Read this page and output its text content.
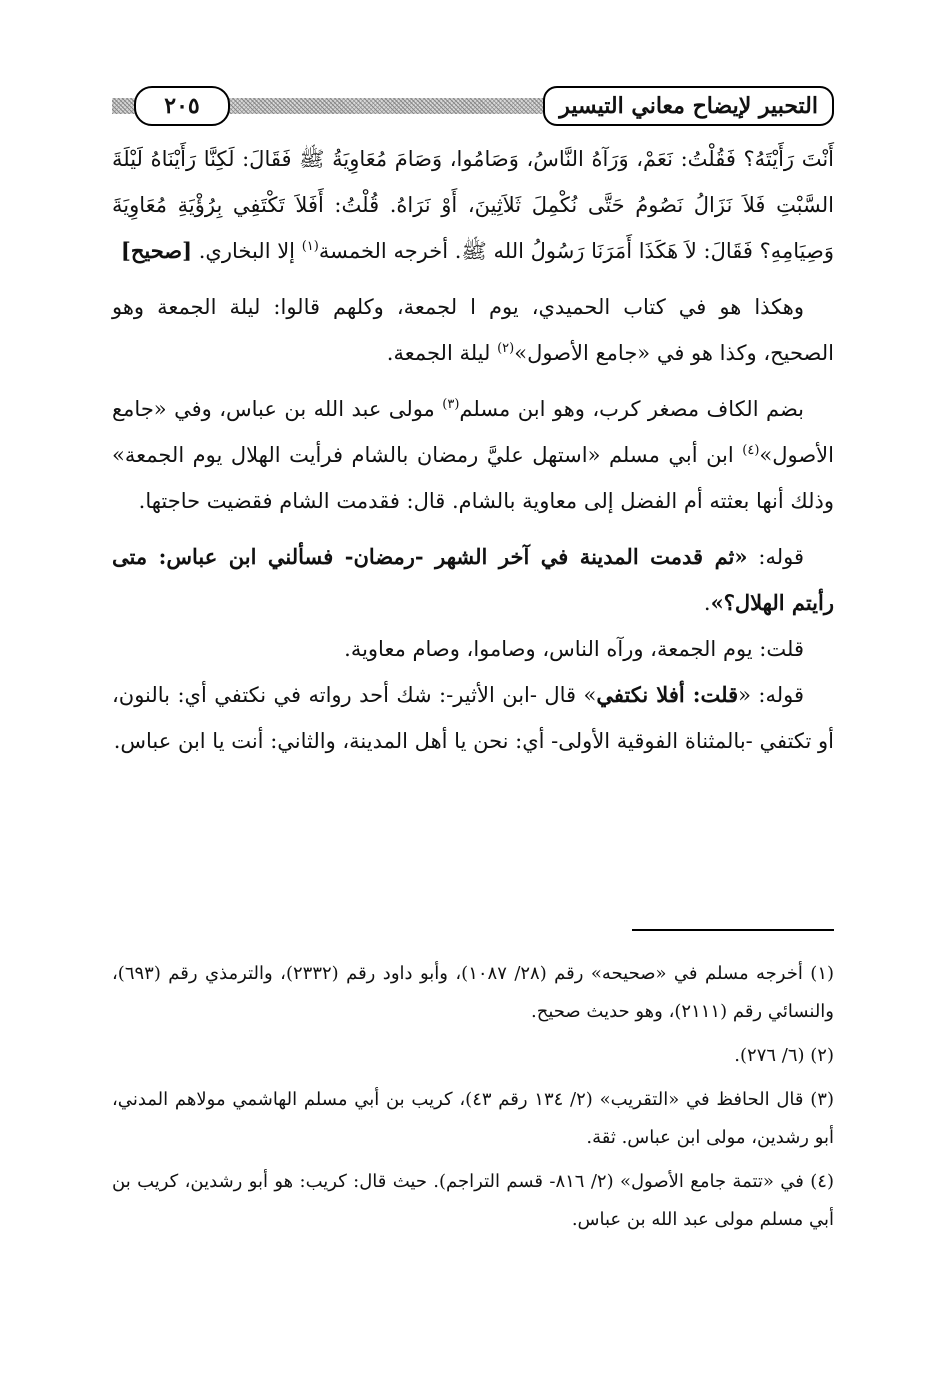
التحبير لإيضاح معاني التيسير
٢٠٥

أَنْتَ رَأَيْتَهُ؟ فَقُلْتُ: نَعَمْ، وَرَآهُ النَّاسُ، وَصَامُوا، وَصَامَ مُعَاوِيَةُ ﷺ فَقَالَ: لَكِنَّا رَأَيْنَاهُ لَيْلَةَ السَّبْتِ فَلاَ نَزَالُ نَصُومُ حَتَّى نُكْمِلَ ثَلاَثِينَ، أَوْ نَرَاهُ. قُلْتُ: أَفَلاَ تَكْتَفِي بِرُؤْيَةِ مُعَاوِيَةَ وَصِيَامِهِ؟ فَقَالَ: لاَ هَكَذَا أَمَرَنَا رَسُولُ الله ﷺ. أخرجه الخمسة$^{(١)}$ إلا البخاري. [صحيح]

وهكذا هو في كتاب الحميدي، يوم ا لجمعة، وكلهم قالوا: ليلة الجمعة وهو الصحيح، وكذا هو في «جامع الأصول»$^{(٢)}$ ليلة الجمعة.

بضم الكاف مصغر كرب، وهو ابن مسلم$^{(٣)}$ مولى عبد الله بن عباس، وفي «جامع الأصول»$^{(٤)}$ ابن أبي مسلم «استهل عليَّ رمضان بالشام فرأيت الهلال يوم الجمعة» وذلك أنها بعثته أم الفضل إلى معاوية بالشام. قال: فقدمت الشام فقضيت حاجتها.

قوله: «ثم قدمت المدينة في آخر الشهر -رمضان- فسألني ابن عباس: متى رأيتم الهلال؟».

قلت: يوم الجمعة، ورآه الناس، وصاموا، وصام معاوية.

قوله: «قلت: أفلا نكتفي» قال -ابن الأثير-: شك أحد رواته في نكتفي أي: بالنون، أو تكتفي -بالمثناة الفوقية الأولى- أي: نحن يا أهل المدينة، والثاني: أنت يا ابن عباس.

(١) أخرجه مسلم في «صحيحه» رقم (٢٨/ ١٠٨٧)، وأبو داود رقم (٢٣٣٢)، والترمذي رقم (٦٩٣)، والنسائي رقم (٢١١١)، وهو حديث صحيح.

(٢) (٦/ ٢٧٦).

(٣) قال الحافظ في «التقريب» (٢/ ١٣٤ رقم ٤٣)، كريب بن أبي مسلم الهاشمي مولاهم المدني، أبو رشدين، مولى ابن عباس. ثقة.

(٤) في «تتمة جامع الأصول» (٢/ ٨١٦- قسم التراجم). حيث قال: كريب: هو أبو رشدين، كريب بن أبي مسلم مولى عبد الله بن عباس.
